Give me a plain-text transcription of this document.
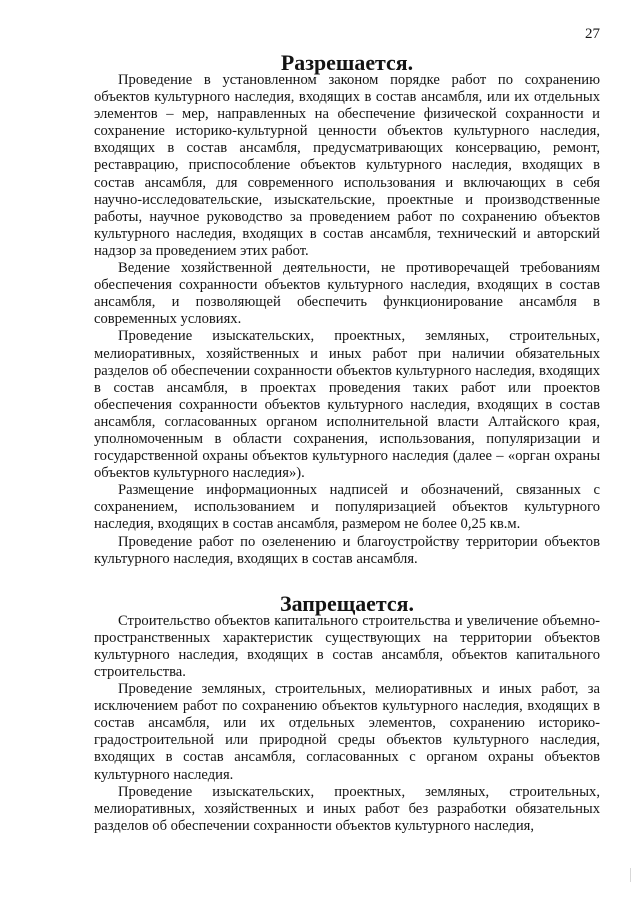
27
Разрешается.

Проведение в установленном законом порядке работ по сохранению объектов культурного наследия, входящих в состав ансамбля, или их отдельных элементов – мер, направленных на обеспечение физической сохранности и сохранение историко-культурной ценности объектов культурного наследия, входящих в состав ансамбля, предусматривающих консервацию, ремонт, реставрацию, приспособление объектов культурного наследия, входящих в состав ансамбля, для современного использования и включающих в себя научно-исследовательские, изыскательские, проектные и производственные работы, научное руководство за проведением работ по сохранению объектов культурного наследия, входящих в состав ансамбля, технический и авторский надзор за проведением этих работ.

Ведение хозяйственной деятельности, не противоречащей требованиям обеспечения сохранности объектов культурного наследия, входящих в состав ансамбля, и позволяющей обеспечить функционирование ансамбля в современных условиях.

Проведение изыскательских, проектных, земляных, строительных, мелиоративных, хозяйственных и иных работ при наличии обязательных разделов об обеспечении сохранности объектов культурного наследия, входящих в состав ансамбля, в проектах проведения таких работ или проектов обеспечения сохранности объектов культурного наследия, входящих в состав ансамбля, согласованных органом исполнительной власти Алтайского края, уполномоченным в области сохранения, использования, популяризации и государственной охраны объектов культурного наследия (далее – «орган охраны объектов культурного наследия»).

Размещение информационных надписей и обозначений, связанных с сохранением, использованием и популяризацией объектов культурного наследия, входящих в состав ансамбля, размером не более 0,25 кв.м.

Проведение работ по озеленению и благоустройству территории объектов культурного наследия, входящих в состав ансамбля.

Запрещается.

Строительство объектов капитального строительства и увеличение объемно-пространственных характеристик существующих на территории объектов культурного наследия, входящих в состав ансамбля, объектов капитального строительства.

Проведение земляных, строительных, мелиоративных и иных работ, за исключением работ по сохранению объектов культурного наследия, входящих в состав ансамбля, или их отдельных элементов, сохранению историко-градостроительной или природной среды объектов культурного наследия, входящих в состав ансамбля, согласованных с органом охраны объектов культурного наследия.

Проведение изыскательских, проектных, земляных, строительных, мелиоративных, хозяйственных и иных работ без разработки обязательных разделов об обеспечении сохранности объектов культурного наследия,
